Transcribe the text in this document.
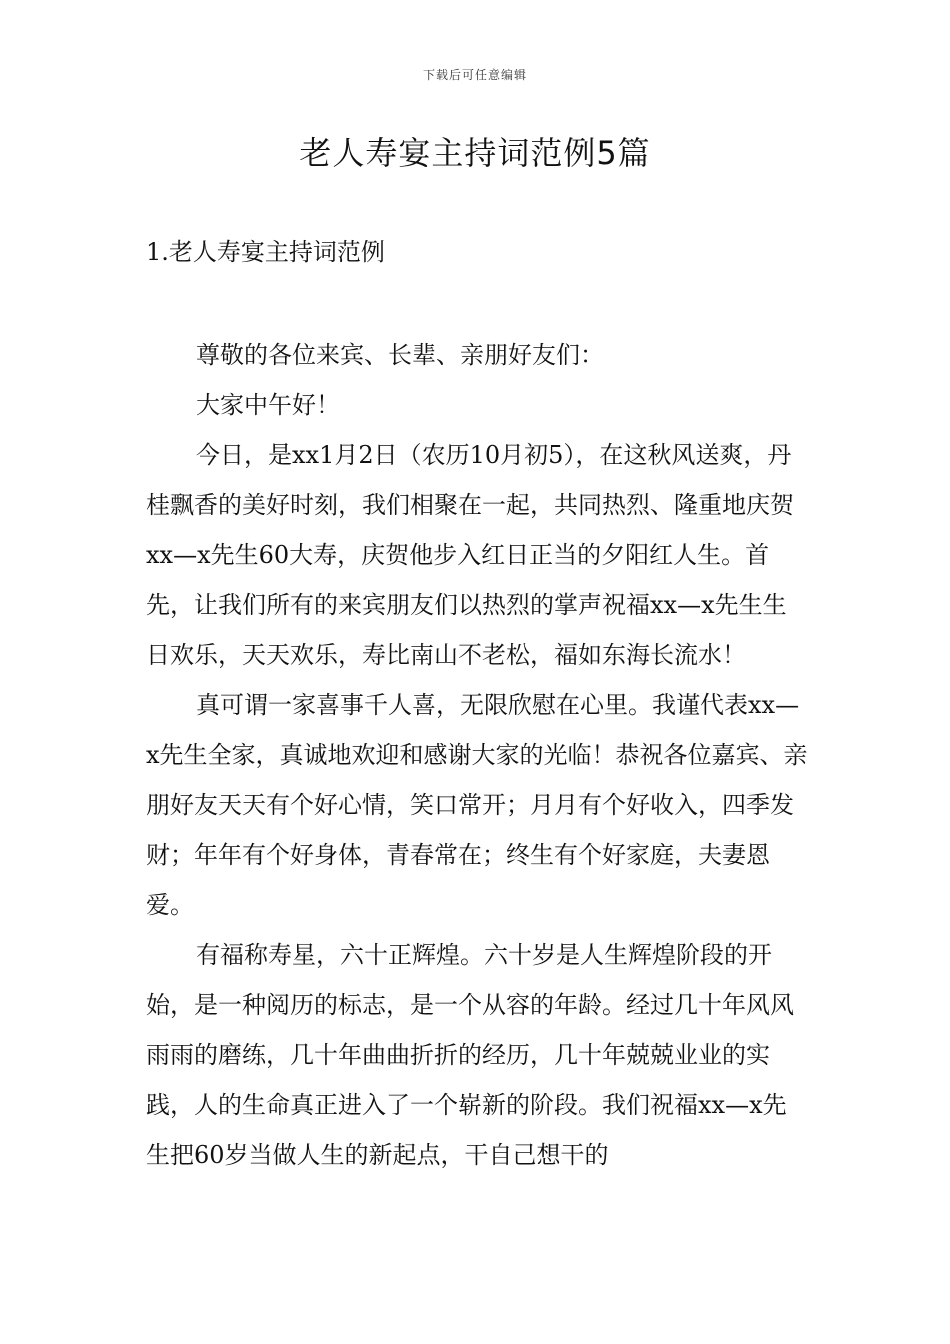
下载后可任意编辑
老人寿宴主持词范例5篇
1.老人寿宴主持词范例

尊敬的各位来宾、长辈、亲朋好友们：

大家中午好！

今日，是xx1月2日（农历10月初5），在这秋风送爽，丹桂飘香的美好时刻，我们相聚在一起，共同热烈、隆重地庆贺xx—x先生60大寿，庆贺他步入红日正当的夕阳红人生。首先，让我们所有的来宾朋友们以热烈的掌声祝福xx—x先生生日欢乐，天天欢乐，寿比南山不老松，福如东海长流水！

真可谓一家喜事千人喜，无限欣慰在心里。我谨代表xx—x先生全家，真诚地欢迎和感谢大家的光临！恭祝各位嘉宾、亲朋好友天天有个好心情，笑口常开；月月有个好收入，四季发财；年年有个好身体，青春常在；终生有个好家庭，夫妻恩爱。

有福称寿星，六十正辉煌。六十岁是人生辉煌阶段的开始，是一种阅历的标志，是一个从容的年龄。经过几十年风风雨雨的磨练，几十年曲曲折折的经历，几十年兢兢业业的实践，人的生命真正进入了一个崭新的阶段。我们祝福xx—x先生把60岁当做人生的新起点，干自己想干的
